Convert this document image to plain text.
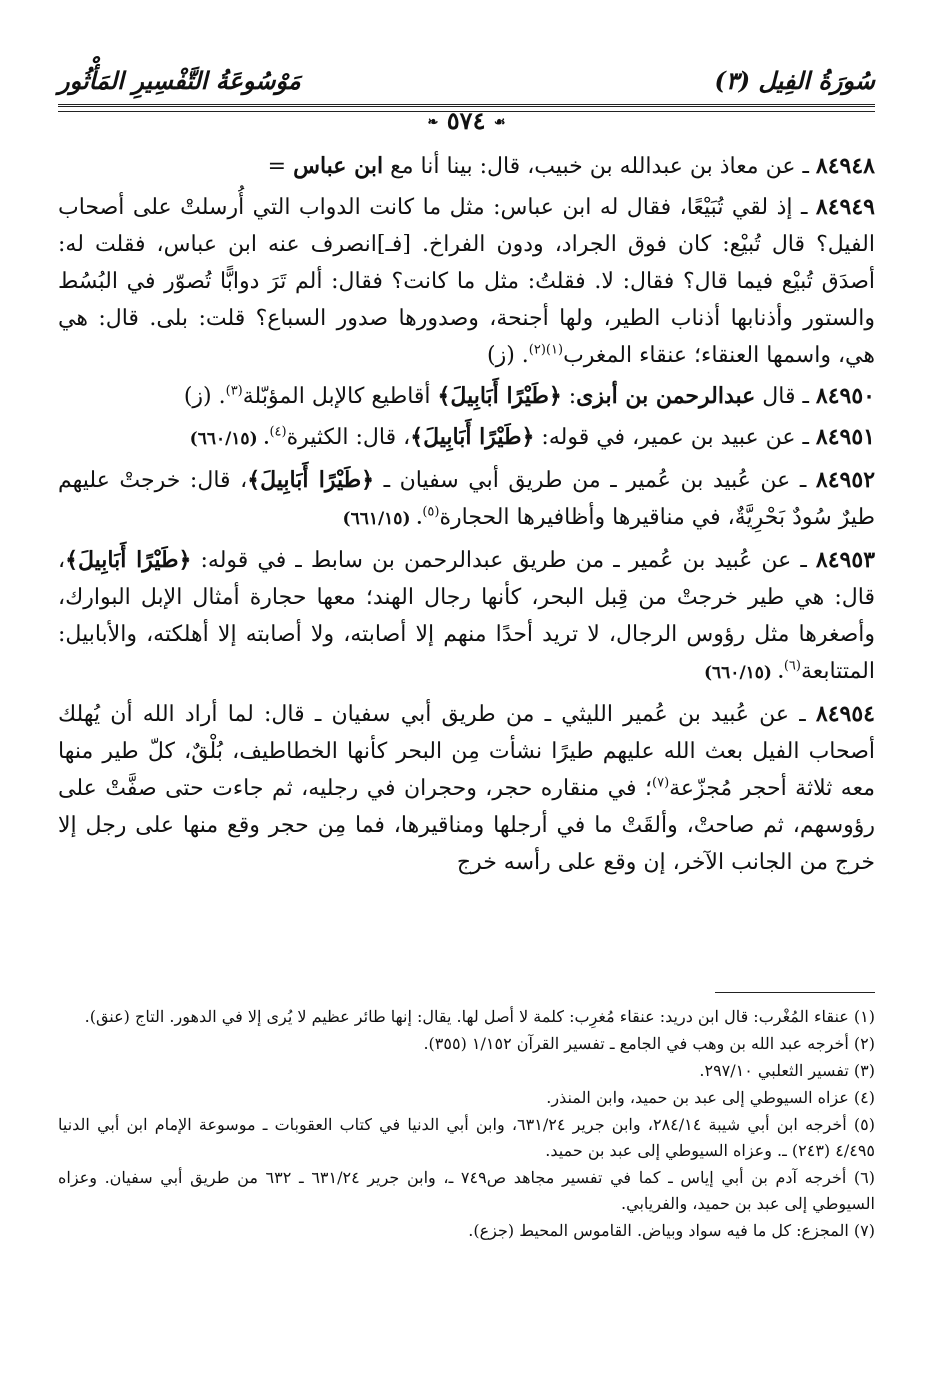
سُورَةُ الفِيل (٣)
مَوْسُوعَةُ التَّفْسِيرِ المَأْثُور
☙ ٥٧٤ ❧

٨٤٩٤٨ ـ عن معاذ بن عبدالله بن خبيب، قال: بينا أنا مع ابن عباس =

٨٤٩٤٩ ـ إذ لقي تُبَيْعًا، فقال له ابن عباس: مثل ما كانت الدواب التي أُرسلتْ على أصحاب الفيل؟ قال تُبيْع: كان فوق الجراد، ودون الفراخ. [فـ]انصرف عنه ابن عباس، فقلت له: أصدَق تُبيْع فيما قال؟ فقال: لا. فقلتُ: مثل ما كانت؟ فقال: ألم تَرَ دوابًّا تُصوّر في البُسُط والستور وأذنابها أذناب الطير، ولها أجنحة، وصدورها صدور السباع؟ قلت: بلى. قال: هي هي، واسمها العنقاء؛ عنقاء المغرب$^{(١)(٢)}$. (ز)

٨٤٩٥٠ ـ قال عبدالرحمن بن أبزى: ﴿طَيْرًا أَبَابِيلَ﴾ أقاطيع كالإبل المؤبّلة$^{(٣)}$. (ز)

٨٤٩٥١ ـ عن عبيد بن عمير، في قوله: ﴿طَيْرًا أَبَابِيلَ﴾، قال: الكثيرة$^{(٤)}$. (٦٦٠/١٥)

٨٤٩٥٢ ـ عن عُبيد بن عُمير ـ من طريق أبي سفيان ـ ﴿طَيْرًا أَبَابِيلَ﴾، قال: خرجتْ عليهم طيرٌ سُودٌ بَحْرِيَّةٌ، في مناقيرها وأظافيرها الحجارة$^{(٥)}$. (٦٦١/١٥)

٨٤٩٥٣ ـ عن عُبيد بن عُمير ـ من طريق عبدالرحمن بن سابط ـ في قوله: ﴿طَيْرًا أَبَابِيلَ﴾، قال: هي طير خرجتْ من قِبل البحر، كأنها رجال الهند؛ معها حجارة أمثال الإبل البوارك، وأصغرها مثل رؤوس الرجال، لا تريد أحدًا منهم إلا أصابته، ولا أصابته إلا أهلكته، والأبابيل: المتتابعة$^{(٦)}$. (٦٦٠/١٥)

٨٤٩٥٤ ـ عن عُبيد بن عُمير الليثي ـ من طريق أبي سفيان ـ قال: لما أراد الله أن يُهلك أصحاب الفيل بعث الله عليهم طيرًا نشأت مِن البحر كأنها الخطاطيف، بُلْقٌ، كلّ طير منها معه ثلاثة أحجر مُجزّعة$^{(٧)}$؛ في منقاره حجر، وحجران في رجليه، ثم جاءت حتى صفَّتْ على رؤوسهم، ثم صاحتْ، وألقَتْ ما في أرجلها ومناقيرها، فما مِن حجر وقع منها على رجل إلا خرج من الجانب الآخر، إن وقع على رأسه خرج

(١) عنقاء المُغْرب: قال ابن دريد: عنقاء مُغرِب: كلمة لا أصل لها. يقال: إنها طائر عظيم لا يُرى إلا في الدهور. التاج (عنق).

(٢) أخرجه عبد الله بن وهب في الجامع ـ تفسير القرآن ١/١٥٢ (٣٥٥).

(٣) تفسير الثعلبي ٢٩٧/١٠.

(٤) عزاه السيوطي إلى عبد بن حميد، وابن المنذر.

(٥) أخرجه ابن أبي شيبة ٢٨٤/١٤، وابن جرير ٦٣١/٢٤، وابن أبي الدنيا في كتاب العقوبات ـ موسوعة الإمام ابن أبي الدنيا ٤/٤٩٥ (٢٤٣) ـ. وعزاه السيوطي إلى عبد بن حميد.

(٦) أخرجه آدم بن أبي إياس ـ كما في تفسير مجاهد ص٧٤٩ ـ، وابن جرير ٦٣١/٢٤ ـ ٦٣٢ من طريق أبي سفيان. وعزاه السيوطي إلى عبد بن حميد، والفريابي.

(٧) المجزع: كل ما فيه سواد وبياض. القاموس المحيط (جزع).
